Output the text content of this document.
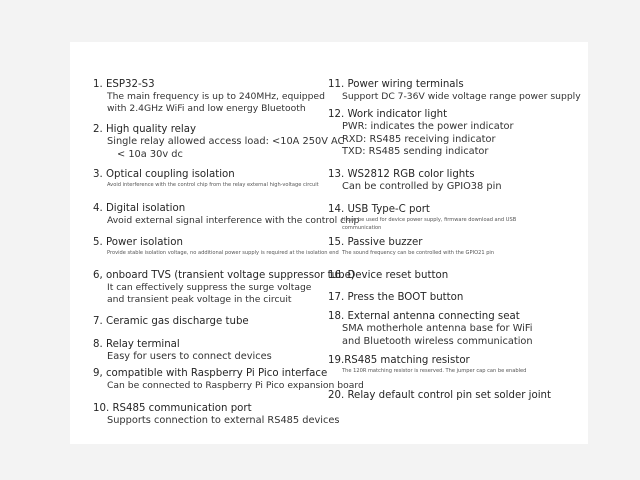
1. ESP32-S3
The main frequency is up to 240MHz, equipped
with 2.4GHz WiFi and low energy Bluetooth
2. High quality relay
Single relay allowed access load: <10A 250V AC
< 10a 30v dc
3. Optical coupling isolation
Avoid interference with the control chip from the relay external high-voltage circuit
4. Digital isolation
Avoid external signal interference with the control chip
5. Power isolation
Provide stable isolation voltage, no additional power supply is required at the isolation end
6, onboard TVS (transient voltage suppressor tube)
It can effectively suppress the surge voltage
and transient peak voltage in the circuit
7. Ceramic gas discharge tube
8. Relay terminal
Easy for users to connect devices
9, compatible with Raspberry Pi Pico interface
Can be connected to Raspberry Pi Pico expansion board
10. RS485 communication port
Supports connection to external RS485 devices
11. Power wiring terminals
Support DC 7-36V wide voltage range power supply
12. Work indicator light
PWR: indicates the power indicator
RXD: RS485 receiving indicator
TXD: RS485 sending indicator
13. WS2812 RGB color lights
Can be controlled by GPIO38 pin
14. USB Type-C port
It can be used for device power supply, firmware download and USB
communication
15. Passive buzzer
The sound frequency can be controlled with the GPIO21 pin
16. Device reset button
17. Press the BOOT button
18. External antenna connecting seat
SMA motherhole antenna base for WiFi
and Bluetooth wireless communication
19.RS485 matching resistor
The 120R matching resistor is reserved. The jumper cap can be enabled
20. Relay default control pin set solder joint
